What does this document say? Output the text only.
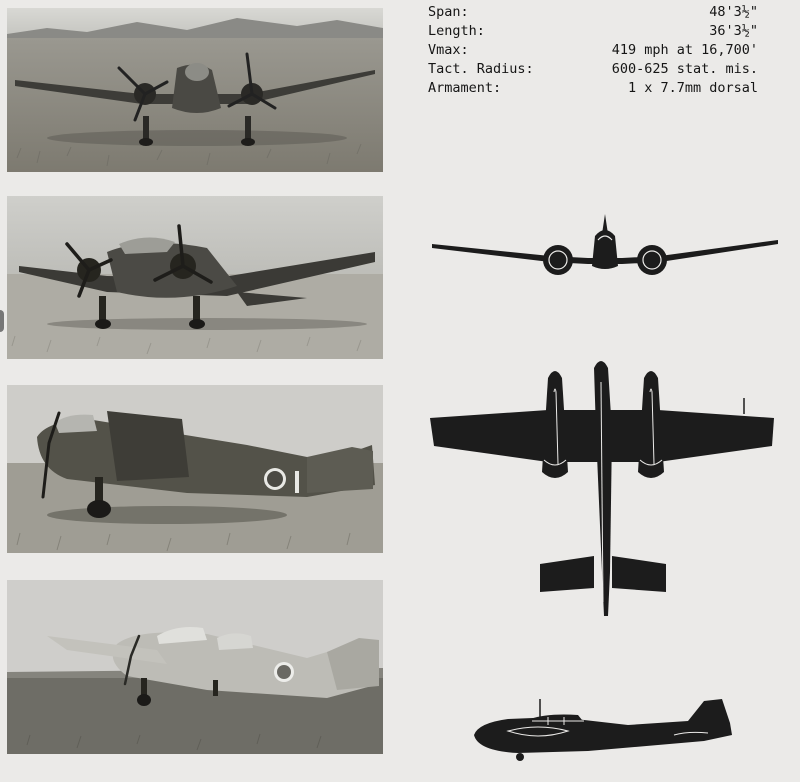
Span:	48'3½"
Length:	36'3½"
Vmax:	419 mph at 16,700'
Tact. Radius:	600-625 stat. mis.
Armament:	1 x 7.7mm dorsal
